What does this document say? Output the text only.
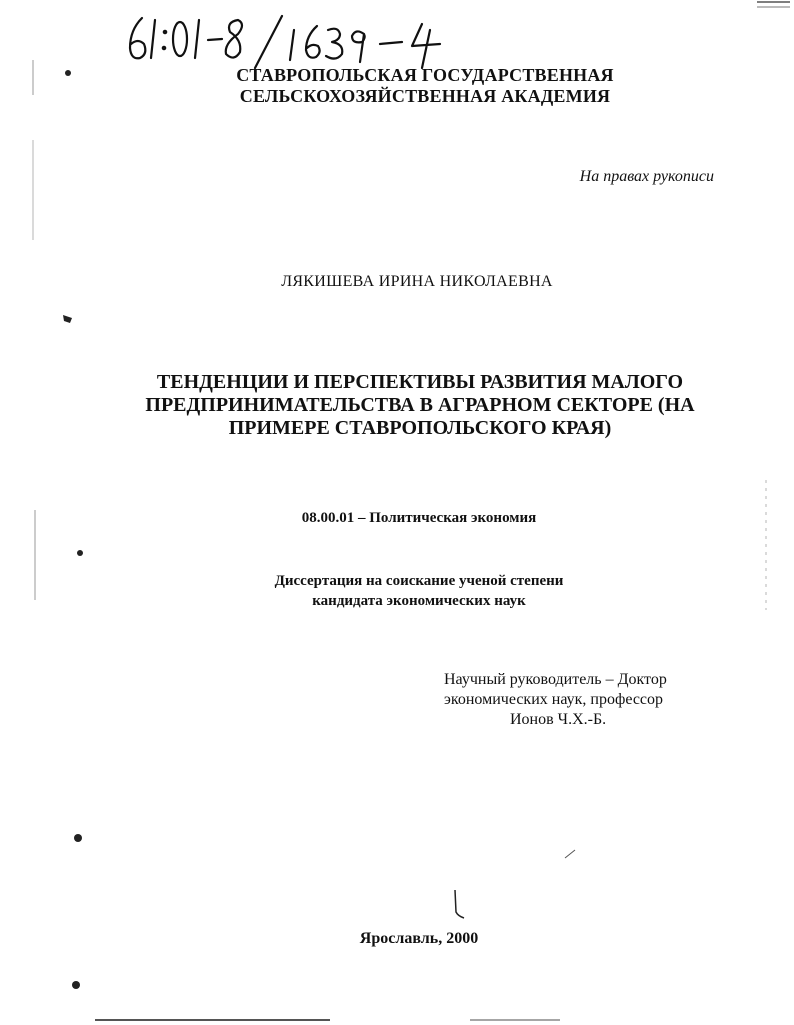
СТАВРОПОЛЬСКАЯ ГОСУДАРСТВЕННАЯ
СЕЛЬСКОХОЗЯЙСТВЕННАЯ АКАДЕМИЯ
На правах рукописи
ЛЯКИШЕВА ИРИНА НИКОЛАЕВНА
ТЕНДЕНЦИИ И ПЕРСПЕКТИВЫ РАЗВИТИЯ МАЛОГО
ПРЕДПРИНИМАТЕЛЬСТВА В АГРАРНОМ СЕКТОРЕ (НА
ПРИМЕРЕ СТАВРОПОЛЬСКОГО КРАЯ)
08.00.01 – Политическая экономия
Диссертация на соискание ученой степени
кандидата экономических наук
Научный руководитель – Доктор
экономических наук, профессор
Ионов Ч.Х.-Б.
Ярославль, 2000
